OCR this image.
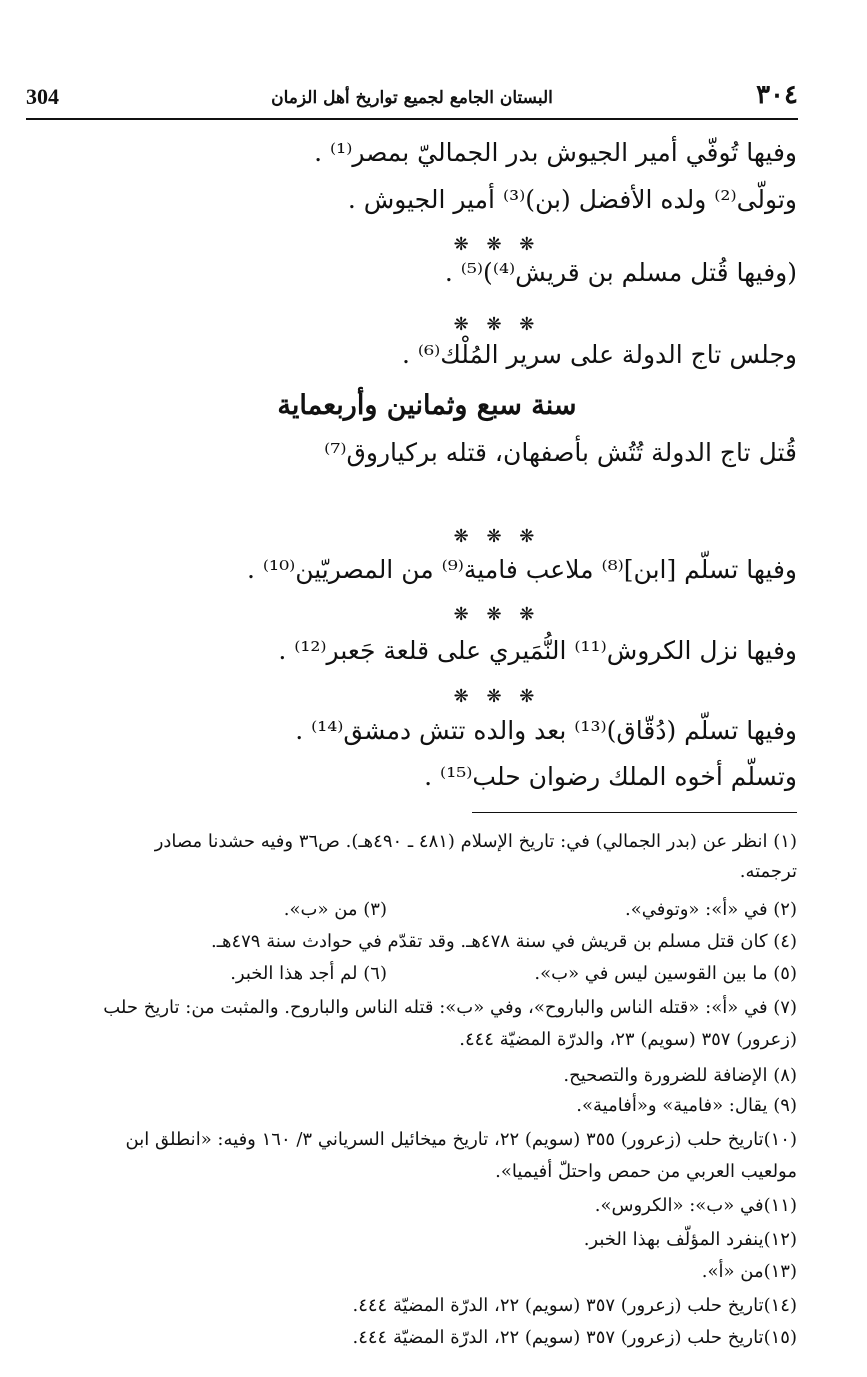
304	البستان الجامع لجميع تواريخ أهل الزمان	٣٠٤
وفيها تُوفّي أمير الجيوش بدر الجماليّ بمصر⁽¹⁾ .
وتولّى⁽²⁾ ولده الأفضل (بن)⁽³⁾ أمير الجيوش .
❋ ❋ ❋
(وفيها قُتل مسلم بن قريش⁽⁴⁾)⁽⁵⁾ .
❋ ❋ ❋
وجلس تاج الدولة على سرير المُلْك⁽⁶⁾ .
سنة سبع وثمانين وأربعماية
قُتل تاج الدولة تُتُش بأصفهان، قتله بركياروق⁽⁷⁾
❋ ❋ ❋
وفيها تسلّم [ابن]⁽⁸⁾ ملاعب فامية⁽⁹⁾ من المصريّين⁽¹⁰⁾ .
❋ ❋ ❋
وفيها نزل الكروش⁽¹¹⁾ النُّمَيري على قلعة جَعبر⁽¹²⁾ .
❋ ❋ ❋
وفيها تسلّم (دُقّاق)⁽¹³⁾ بعد والده تتش دمشق⁽¹⁴⁾ .
وتسلّم أخوه الملك رضوان حلب⁽¹⁵⁾ .
(١) انظر عن (بدر الجمالي) في: تاريخ الإسلام (٤٨١ ـ ٤٩٠هـ). ص٣٦ وفيه حشدنا مصادر
ترجمته.
(٢) في «أ»: «وتوفي».
(٣) من «ب».
(٤) كان قتل مسلم بن قريش في سنة ٤٧٨هـ. وقد تقدّم في حوادث سنة ٤٧٩هـ.
(٥) ما بين القوسين ليس في «ب».
(٦) لم أجد هذا الخبر.
(٧) في «أ»: «قتله الناس والباروح»، وفي «ب»: قتله الناس والباروح. والمثبت من: تاريخ حلب
(زعرور) ٣٥٧ (سويم) ٢٣، والدرّة المضيّة ٤٤٤.
(٨) الإضافة للضرورة والتصحيح.
(٩) يقال: «فامية» و«أفامية».
(١٠)تاريخ حلب (زعرور) ٣٥٥ (سويم) ٢٢، تاريخ ميخائيل السرياني ٣/ ١٦٠ وفيه: «انطلق ابن
مولعيب العربي من حمص واحتلّ أفيميا».
(١١)في «ب»: «الكروس».
(١٢)ينفرد المؤلّف بهذا الخبر.
(١٣)من «أ».
(١٤)تاريخ حلب (زعرور) ٣٥٧ (سويم) ٢٢، الدرّة المضيّة ٤٤٤.
(١٥)تاريخ حلب (زعرور) ٣٥٧ (سويم) ٢٢، الدرّة المضيّة ٤٤٤.
